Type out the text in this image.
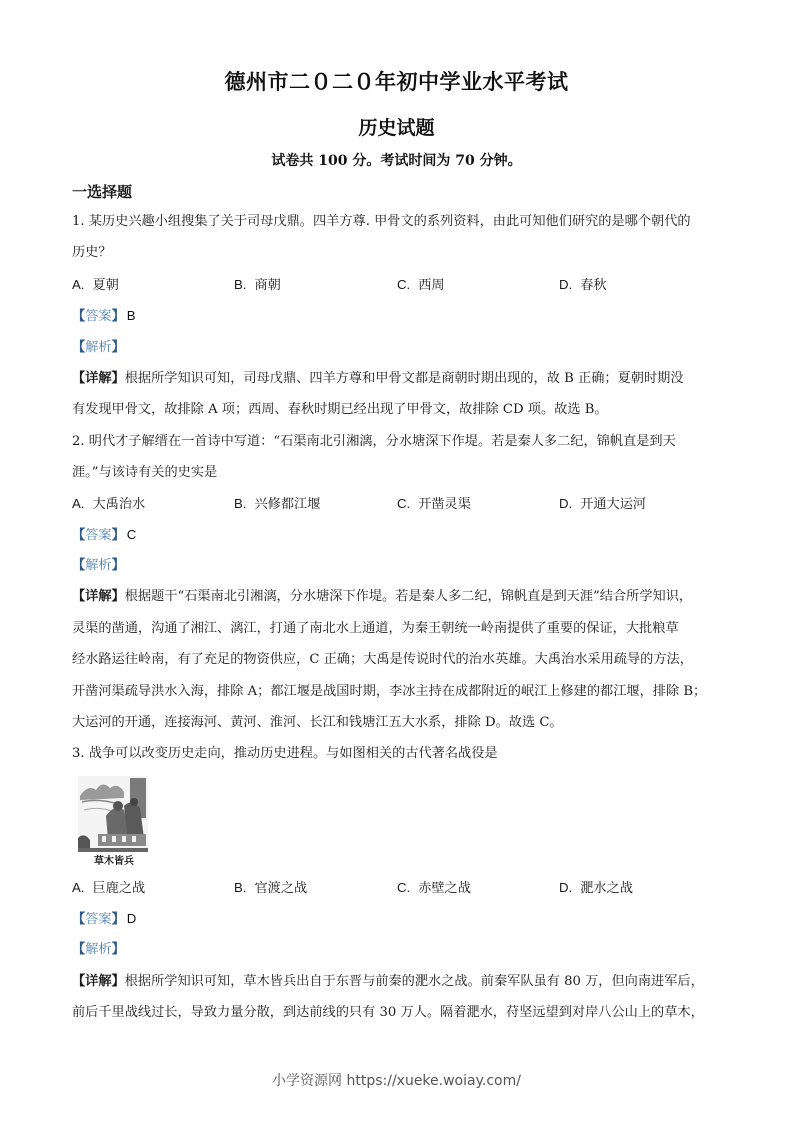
德州市二０二０年初中学业水平考试
历史试题
试卷共 100 分。考试时间为 70 分钟。
一选择题
1. 某历史兴趣小组搜集了关于司母戊鼎。四羊方尊. 甲骨文的系列资料，由此可知他们研究的是哪个朝代的
历史？
A. 夏朝	B. 商朝	C. 西周	D. 春秋
【答案】 B
【解析】
【详解】根据所学知识可知，司母戊鼎、四羊方尊和甲骨文都是商朝时期出现的，故 B 正确；夏朝时期没
有发现甲骨文，故排除 A 项；西周、春秋时期已经出现了甲骨文，故排除 CD 项。故选 B。
2. 明代才子解缙在一首诗中写道：“石渠南北引湘漓，分水塘深下作堤。若是秦人多二纪，锦帆直是到天
涯。”与该诗有关的史实是
A. 大禹治水	B. 兴修都江堰	C. 开凿灵渠	D. 开通大运河
【答案】 C
【解析】
【详解】根据题干“石渠南北引湘漓，分水塘深下作堤。若是秦人多二纪，锦帆直是到天涯”结合所学知识，
灵渠的凿通，沟通了湘江、漓江，打通了南北水上通道，为秦王朝统一岭南提供了重要的保证，大批粮草
经水路运往岭南，有了充足的物资供应，C 正确；大禹是传说时代的治水英雄。大禹治水采用疏导的方法，
开凿河渠疏导洪水入海，排除 A；都江堰是战国时期，李冰主持在成都附近的岷江上修建的都江堰，排除 B；
大运河的开通，连接海河、黄河、淮河、长江和钱塘江五大水系，排除 D。故选 C。
3. 战争可以改变历史走向，推动历史进程。与如图相关的古代著名战役是
草木皆兵
A. 巨鹿之战	B. 官渡之战	C. 赤壁之战	D. 淝水之战
【答案】 D
【解析】
【详解】根据所学知识可知，草木皆兵出自于东晋与前秦的淝水之战。前秦军队虽有 80 万，但向南进军后，
前后千里战线过长，导致力量分散，到达前线的只有 30 万人。隔着淝水，苻坚远望到对岸八公山上的草木，
小学资源网 https://xueke.woiay.com/
